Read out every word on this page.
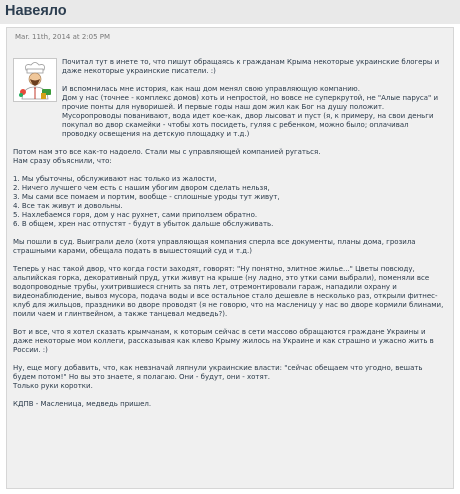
Навеяло
Mar. 11th, 2014 at 2:05 PM

Почитал тут в инете то, что пишут обращаясь к гражданам Крыма некоторые украинские блогеры и даже некоторые украинские писатели. :)

И вспомнилась мне история, как наш дом менял свою управляющую компанию.

Дом у нас (точнее - комплекс домов) хоть и непростой, но вовсе не суперкрутой, не "Алые паруса" и прочие понты для нуворишей. И первые годы наш дом жил как Бог на душу положит. Мусоропроводы пованивают, вода идет кое-как, двор лысоват и пуст (я, к примеру, на свои деньги покупал во двор скамейки - чтобы хоть посидеть, гуляя с ребенком, можно было; оплачивал проводку освещения на детскую площадку и т.д.)

Потом нам это все как-то надоело. Стали мы с управляющей компанией ругаться.

Нам сразу объяснили, что:

1. Мы убыточны, обслуживают нас только из жалости,

2. Ничего лучшего чем есть с нашим убогим двором сделать нельзя,

3. Мы сами все помаем и портим, вообще - сплошные уроды тут живут,

4. Все так живут и довольны.

5. Нахлебаемся горя, дом у нас рухнет, сами приползем обратно.

6. В общем, хрен нас отпустят - будут в убыток дальше обслуживать.

Мы пошли в суд. Выиграли дело (хотя управляющая компания сперла все документы, планы дома, грозила страшными карами, обещала подать в вышестоящий суд и т.д.)

Теперь у нас такой двор, что когда гости заходят, говорят: "Ну понятно, элитное жилье..." Цветы повсюду, альпийская горка, декоративный пруд, утки живут на крыше (ну ладно, это утки сами выбрали), поменяли все водопроводные трубы, ухитрившиеся сгнить за пять лет, отремонтировали гараж, нападили охрану и видеонаблюдение, вывоз мусора, подача воды и все остальное стало дешевле в несколько раз, открыли фитнес-клуб для жильцов, праздники во дворе проводят (я не говорю, что на масленицу у нас во дворе кормили блинами, поили чаем и глинтвейном, а также танцевал медведь?).

Вот и все, что я хотел сказать крымчанам, к которым сейчас в сети массово обращаются граждане Украины и даже некоторые мои коллеги, рассказывая как клево Крыму жилось на Украине и как страшно и ужасно жить в России. :)

Ну, еще могу добавить, что, как невзначай ляпнули украинские власти: "сейчас обещаем что угодно, вешать будем потом!" Но вы это знаете, я полагаю. Они - будут, они - хотят.

Только руки коротки.

КДПВ - Масленица, медведь пришел.
